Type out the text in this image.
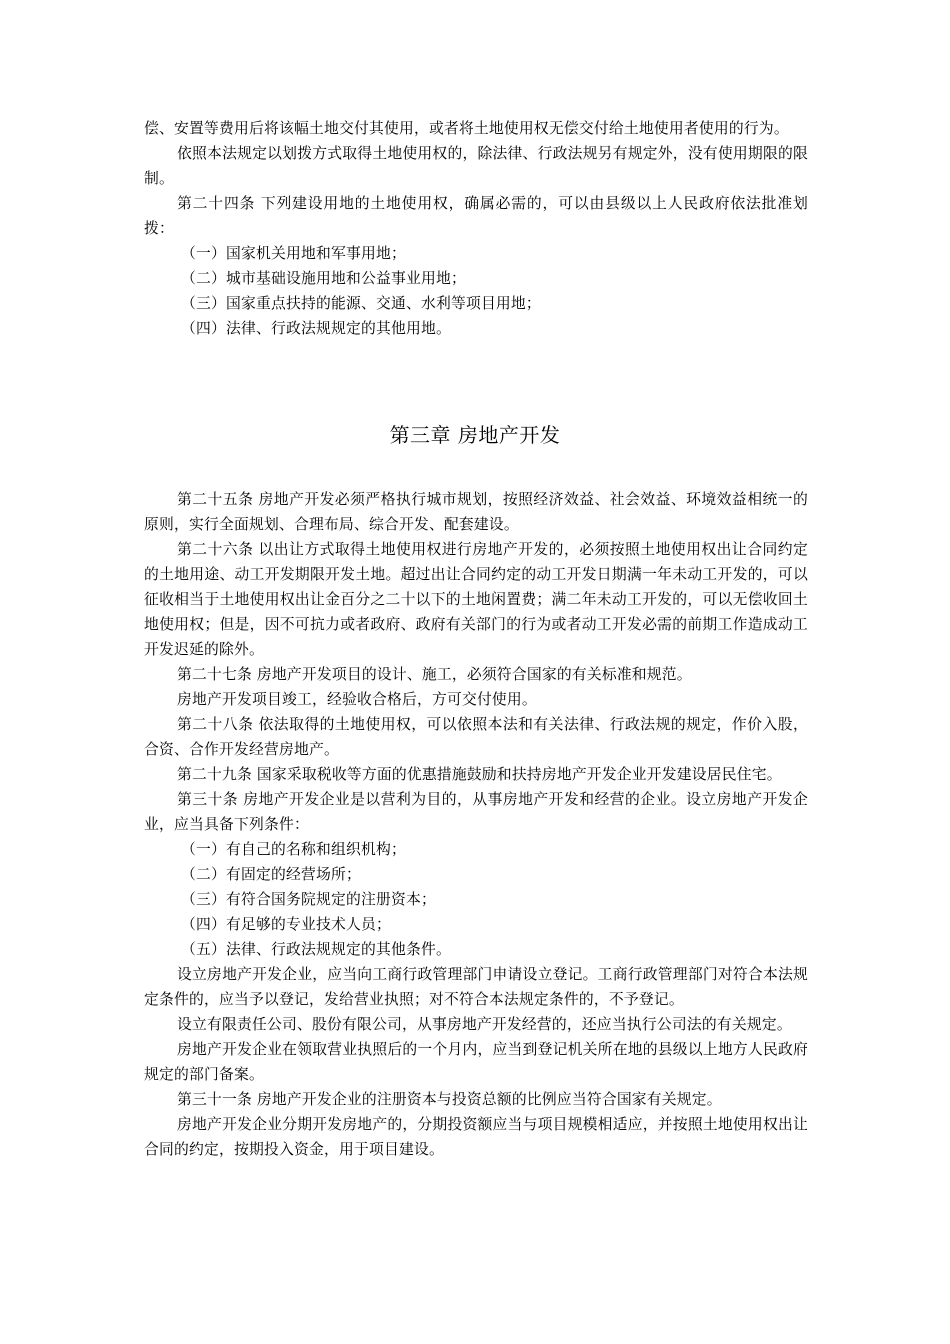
偿、安置等费用后将该幅土地交付其使用，或者将土地使用权无偿交付给土地使用者使用的行为。

依照本法规定以划拨方式取得土地使用权的，除法律、行政法规另有规定外，没有使用期限的限制。

第二十四条 下列建设用地的土地使用权，确属必需的，可以由县级以上人民政府依法批准划拨：

（一）国家机关用地和军事用地；

（二）城市基础设施用地和公益事业用地；

（三）国家重点扶持的能源、交通、水利等项目用地；

（四）法律、行政法规规定的其他用地。

第三章 房地产开发

第二十五条 房地产开发必须严格执行城市规划，按照经济效益、社会效益、环境效益相统一的原则，实行全面规划、合理布局、综合开发、配套建设。

第二十六条 以出让方式取得土地使用权进行房地产开发的，必须按照土地使用权出让合同约定的土地用途、动工开发期限开发土地。超过出让合同约定的动工开发日期满一年未动工开发的，可以征收相当于土地使用权出让金百分之二十以下的土地闲置费；满二年未动工开发的，可以无偿收回土地使用权；但是，因不可抗力或者政府、政府有关部门的行为或者动工开发必需的前期工作造成动工开发迟延的除外。

第二十七条 房地产开发项目的设计、施工，必须符合国家的有关标准和规范。

房地产开发项目竣工，经验收合格后，方可交付使用。

第二十八条 依法取得的土地使用权，可以依照本法和有关法律、行政法规的规定，作价入股，合资、合作开发经营房地产。

第二十九条 国家采取税收等方面的优惠措施鼓励和扶持房地产开发企业开发建设居民住宅。

第三十条 房地产开发企业是以营利为目的，从事房地产开发和经营的企业。设立房地产开发企业，应当具备下列条件：

（一）有自己的名称和组织机构；

（二）有固定的经营场所；

（三）有符合国务院规定的注册资本；

（四）有足够的专业技术人员；

（五）法律、行政法规规定的其他条件。

设立房地产开发企业，应当向工商行政管理部门申请设立登记。工商行政管理部门对符合本法规定条件的，应当予以登记，发给营业执照；对不符合本法规定条件的，不予登记。

设立有限责任公司、股份有限公司，从事房地产开发经营的，还应当执行公司法的有关规定。

房地产开发企业在领取营业执照后的一个月内，应当到登记机关所在地的县级以上地方人民政府规定的部门备案。

第三十一条 房地产开发企业的注册资本与投资总额的比例应当符合国家有关规定。

房地产开发企业分期开发房地产的，分期投资额应当与项目规模相适应，并按照土地使用权出让合同的约定，按期投入资金，用于项目建设。
